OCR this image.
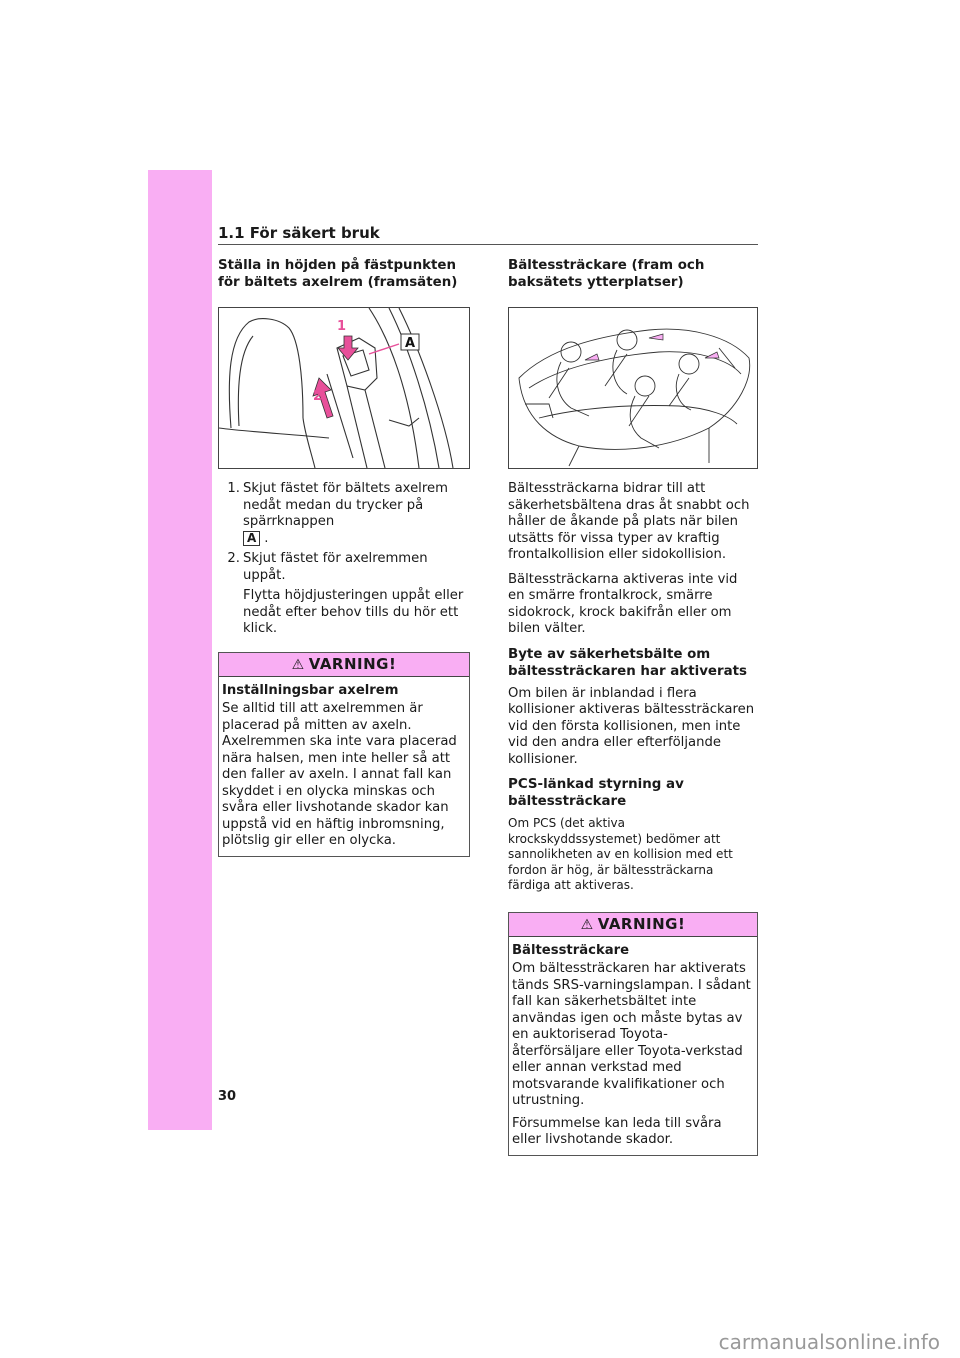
1.1 För säkert bruk
Ställa in höjden på fästpunkten för bältets axelrem (framsäten)
1
2
A
1. Skjut fästet för bältets axelrem nedåt medan du trycker på spärrknappen
A .
2. Skjut fästet för axelremmen uppåt.
Flytta höjdjusteringen uppåt eller nedåt efter behov tills du hör ett klick.
⚠ VARNING!

Inställningsbar axelrem

Se alltid till att axelremmen är placerad på mitten av axeln. Axelremmen ska inte vara placerad nära halsen, men inte heller så att den faller av axeln. I annat fall kan skyddet i en olycka minskas och svåra eller livshotande skador kan uppstå vid en häftig inbromsning, plötslig gir eller en olycka.

Bältessträckare (fram och baksätets ytterplatser)

Bältessträckarna bidrar till att säkerhetsbältena dras åt snabbt och håller de åkande på plats när bilen utsätts för vissa typer av kraftig frontalkollision eller sidokollision.

Bältessträckarna aktiveras inte vid en smärre frontalkrock, smärre sidokrock, krock bakifrån eller om bilen välter.

Byte av säkerhetsbälte om bältessträckaren har aktiverats

Om bilen är inblandad i flera kollisioner aktiveras bältessträckaren vid den första kollisionen, men inte vid den andra eller efterföljande kollisioner.

PCS-länkad styrning av bältessträckare

Om PCS (det aktiva krockskyddssystemet) bedömer att sannolikheten av en kollision med ett fordon är hög, är bältessträckarna färdiga att aktiveras.

⚠ VARNING!

Bältessträckare

Om bältessträckaren har aktiverats tänds SRS-varningslampan. I sådant fall kan säkerhetsbältet inte användas igen och måste bytas av en auktoriserad Toyota-återförsäljare eller Toyota-verkstad eller annan verkstad med motsvarande kvalifikationer och utrustning.

Försummelse kan leda till svåra eller livshotande skador.

30
carmanualsonline.info
